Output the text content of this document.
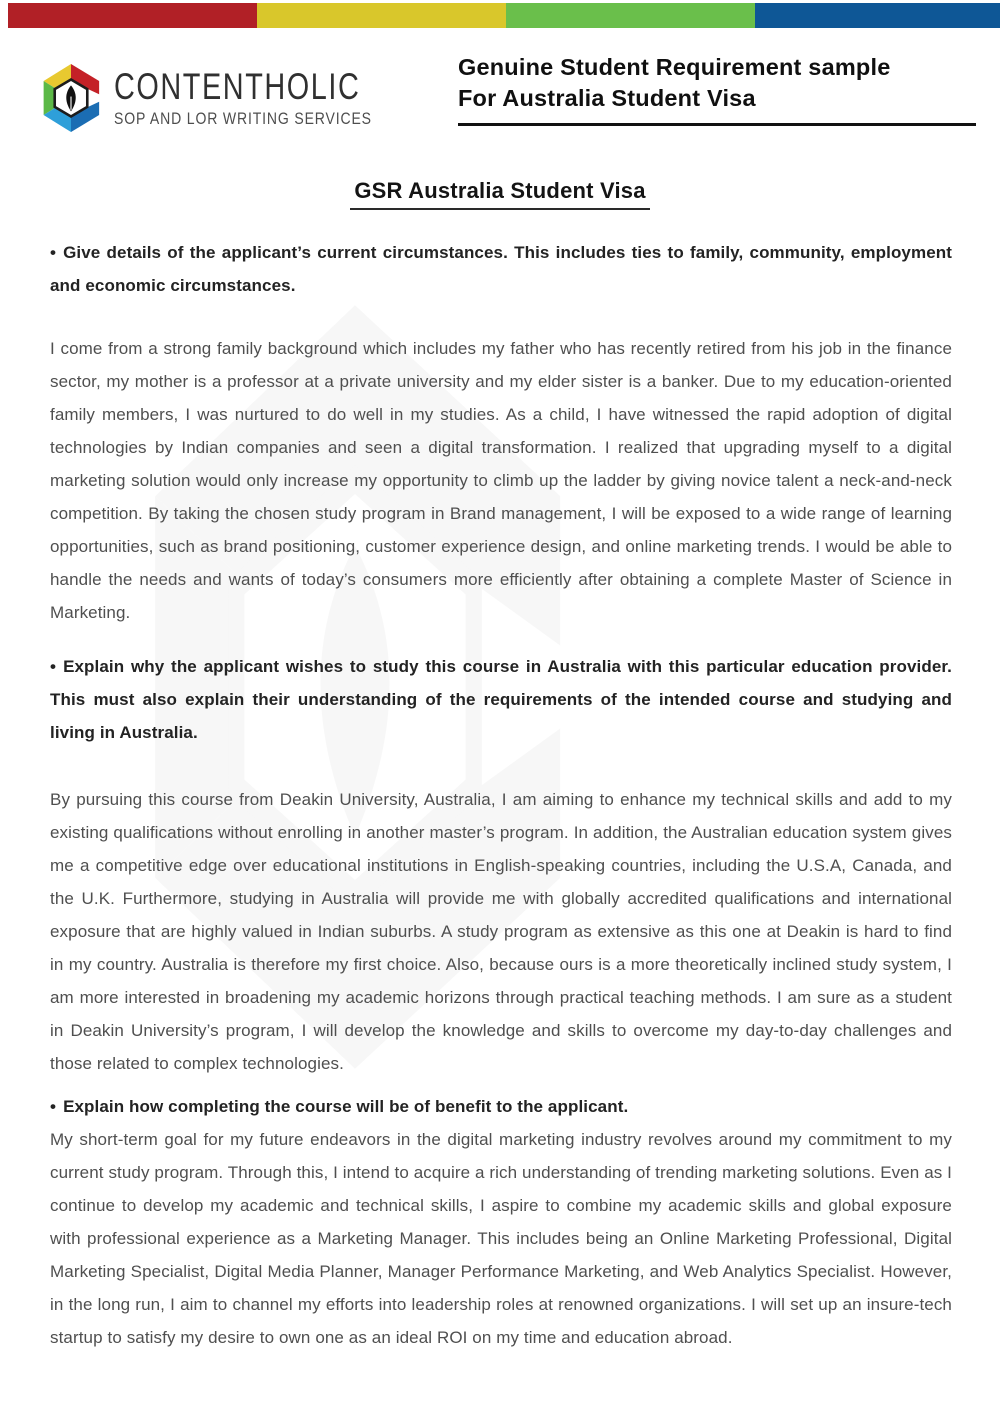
CONTENTHOLIC
SOP AND LOR WRITING SERVICES
Genuine Student Requirement sample
For Australia Student Visa
GSR Australia Student Visa

• Give details of the applicant’s current circumstances. This includes ties to family, community, employment and economic circumstances.

I come from a strong family background which includes my father who has recently retired from his job in the finance sector, my mother is a professor at a private university and my elder sister is a banker. Due to my education-oriented family members, I was nurtured to do well in my studies. As a child, I have witnessed the rapid adoption of digital technologies by Indian companies and seen a digital transformation. I realized that upgrading myself to a digital marketing solution would only increase my opportunity to climb up the ladder by giving novice talent a neck-and-neck competition. By taking the chosen study program in Brand management, I will be exposed to a wide range of learning opportunities, such as brand positioning, customer experience design, and online marketing trends. I would be able to handle the needs and wants of today’s consumers more efficiently after obtaining a complete Master of Science in Marketing.

• Explain why the applicant wishes to study this course in Australia with this particular education provider. This must also explain their understanding of the requirements of the intended course and studying and living in Australia.

By pursuing this course from Deakin University, Australia, I am aiming to enhance my technical skills and add to my existing qualifications without enrolling in another master’s program. In addition, the Australian education system gives me a competitive edge over educational institutions in English-speaking countries, including the U.S.A, Canada, and the U.K. Furthermore, studying in Australia will provide me with globally accredited qualifications and international exposure that are highly valued in Indian suburbs. A study program as extensive as this one at Deakin is hard to find in my country. Australia is therefore my first choice. Also, because ours is a more theoretically inclined study system, I am more interested in broadening my academic horizons through practical teaching methods. I am sure as a student in Deakin University’s program, I will develop the knowledge and skills to overcome my day-to-day challenges and those related to complex technologies.

• Explain how completing the course will be of benefit to the applicant.

My short-term goal for my future endeavors in the digital marketing industry revolves around my commitment to my current study program. Through this, I intend to acquire a rich understanding of trending marketing solutions. Even as I continue to develop my academic and technical skills, I aspire to combine my academic skills and global exposure with professional experience as a Marketing Manager. This includes being an Online Marketing Professional, Digital Marketing Specialist, Digital Media Planner, Manager Performance Marketing, and Web Analytics Specialist. However, in the long run, I aim to channel my efforts into leadership roles at renowned organizations. I will set up an insure-tech startup to satisfy my desire to own one as an ideal ROI on my time and education abroad.
